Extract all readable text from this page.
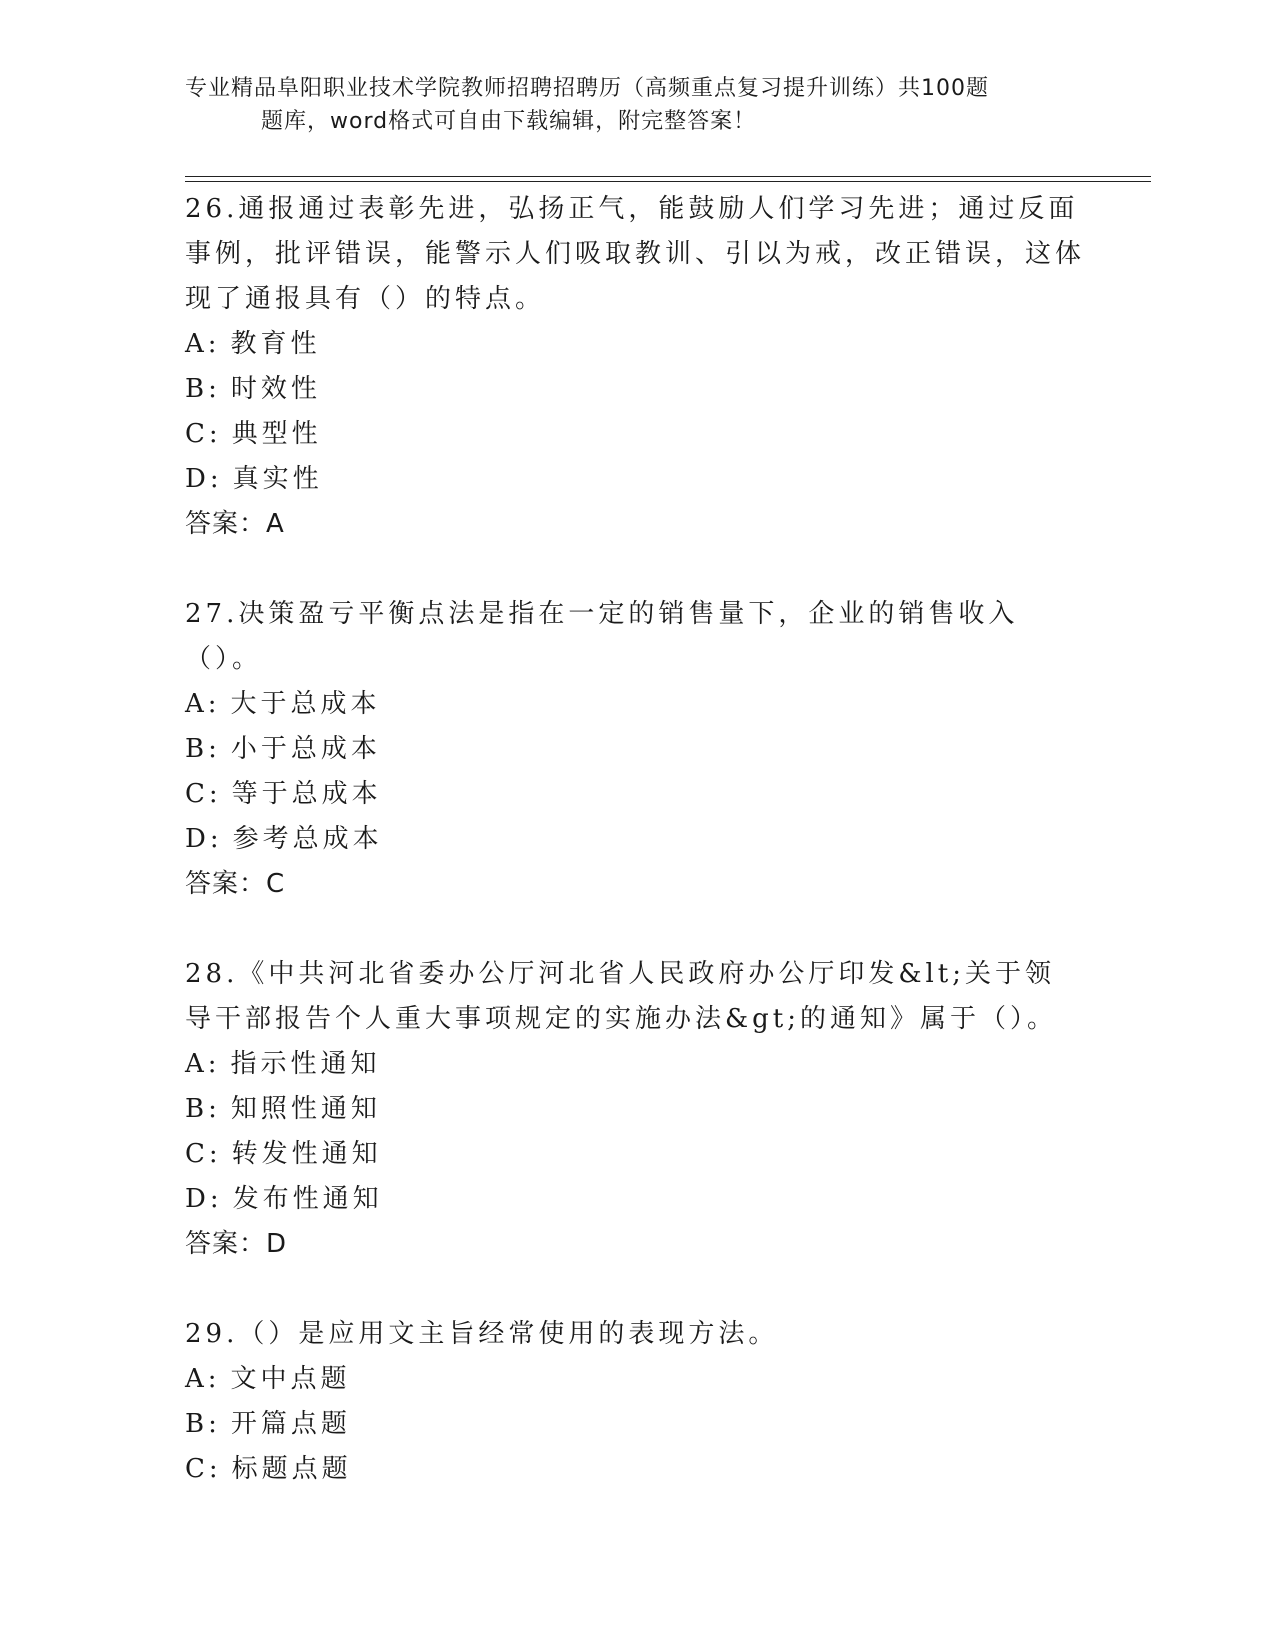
专业精品阜阳职业技术学院教师招聘招聘历（高频重点复习提升训练）共100题
题库，word格式可自由下载编辑，附完整答案！

26.通报通过表彰先进，弘扬正气，能鼓励人们学习先进；通过反面事例，批评错误，能警示人们吸取教训、引以为戒，改正错误，这体现了通报具有（）的特点。

A: 教育性

B: 时效性

C: 典型性

D: 真实性

答案：A

27.决策盈亏平衡点法是指在一定的销售量下，企业的销售收入（）。

A: 大于总成本

B: 小于总成本

C: 等于总成本

D: 参考总成本

答案：C

28.《中共河北省委办公厅河北省人民政府办公厅印发&lt;关于领导干部报告个人重大事项规定的实施办法&gt;的通知》属于（）。

A: 指示性通知

B: 知照性通知

C: 转发性通知

D: 发布性通知

答案：D

29.（）是应用文主旨经常使用的表现方法。

A: 文中点题

B: 开篇点题

C: 标题点题
